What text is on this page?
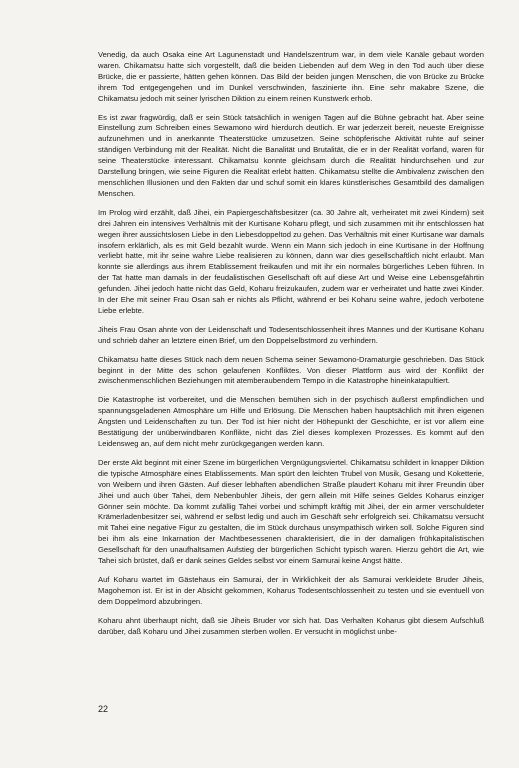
Venedig, da auch Osaka eine Art Lagunenstadt und Handelszentrum war, in dem viele Kanäle gebaut worden waren. Chikamatsu hatte sich vorgestellt, daß die beiden Liebenden auf dem Weg in den Tod auch über diese Brücke, die er passierte, hätten gehen können. Das Bild der beiden jungen Menschen, die von Brücke zu Brücke ihrem Tod entgegengehen und im Dunkel verschwinden, faszinierte ihn. Eine sehr makabre Szene, die Chikamatsu jedoch mit seiner lyrischen Diktion zu einem reinen Kunstwerk erhob.

Es ist zwar fragwürdig, daß er sein Stück tatsächlich in wenigen Tagen auf die Bühne gebracht hat. Aber seine Einstellung zum Schreiben eines Sewamono wird hierdurch deutlich. Er war jederzeit bereit, neueste Ereignisse aufzunehmen und in anerkannte Theaterstücke umzusetzen. Seine schöpferische Aktivität ruhte auf seiner ständigen Verbindung mit der Realität. Nicht die Banalität und Brutalität, die er in der Realität vorfand, waren für seine Theaterstücke interessant. Chikamatsu konnte gleichsam durch die Realität hindurchsehen und zur Darstellung bringen, wie seine Figuren die Realität erlebt hatten. Chikamatsu stellte die Ambivalenz zwischen den menschlichen Illusionen und den Fakten dar und schuf somit ein klares künstlerisches Gesamtbild des damaligen Menschen.

Im Prolog wird erzählt, daß Jihei, ein Papiergeschäftsbesitzer (ca. 30 Jahre alt, verheiratet mit zwei Kindern) seit drei Jahren ein intensives Verhältnis mit der Kurtisane Koharu pflegt, und sich zusammen mit ihr entschlossen hat wegen ihrer aussichtslosen Liebe in den Liebesdoppeltod zu gehen. Das Verhältnis mit einer Kurtisane war damals insofern erklärlich, als es mit Geld bezahlt wurde. Wenn ein Mann sich jedoch in eine Kurtisane in der Hoffnung verliebt hatte, mit ihr seine wahre Liebe realisieren zu können, dann war dies gesellschaftlich nicht erlaubt. Man konnte sie allerdings aus ihrem Etablissement freikaufen und mit ihr ein normales bürgerliches Leben führen. In der Tat hatte man damals in der feudalistischen Gesellschaft oft auf diese Art und Weise eine Lebensgefährtin gefunden. Jihei jedoch hatte nicht das Geld, Koharu freizukaufen, zudem war er verheiratet und hatte zwei Kinder. In der Ehe mit seiner Frau Osan sah er nichts als Pflicht, während er bei Koharu seine wahre, jedoch verbotene Liebe erlebte.

Jiheis Frau Osan ahnte von der Leidenschaft und Todesentschlossenheit ihres Mannes und der Kurtisane Koharu und schrieb daher an letztere einen Brief, um den Doppelselbstmord zu verhindern.

Chikamatsu hatte dieses Stück nach dem neuen Schema seiner Sewamono-Dramaturgie geschrieben. Das Stück beginnt in der Mitte des schon gelaufenen Konfliktes. Von dieser Plattform aus wird der Konflikt der zwischenmenschlichen Beziehungen mit atemberaubendem Tempo in die Katastrophe hineinkatapultiert.

Die Katastrophe ist vorbereitet, und die Menschen bemühen sich in der psychisch äußerst empfindlichen und spannungsgeladenen Atmosphäre um Hilfe und Erlösung. Die Menschen haben hauptsächlich mit ihren eigenen Ängsten und Leidenschaften zu tun. Der Tod ist hier nicht der Höhepunkt der Geschichte, er ist vor allem eine Bestätigung der unüberwindbaren Konflikte, nicht das Ziel dieses komplexen Prozesses. Es kommt auf den Leidensweg an, auf dem nicht mehr zurückgegangen werden kann.

Der erste Akt beginnt mit einer Szene im bürgerlichen Vergnügungsviertel. Chikamatsu schildert in knapper Diktion die typische Atmosphäre eines Etablissements. Man spürt den leichten Trubel von Musik, Gesang und Koketterie, von Weibern und ihren Gästen. Auf dieser lebhaften abendlichen Straße plaudert Koharu mit ihrer Freundin über Jihei und auch über Tahei, dem Nebenbuhler Jiheis, der gern allein mit Hilfe seines Geldes Koharus einziger Gönner sein möchte. Da kommt zufällig Tahei vorbei und schimpft kräftig mit Jihei, der ein armer verschuldeter Krämerladenbesitzer sei, während er selbst ledig und auch im Geschäft sehr erfolgreich sei. Chikamatsu versucht mit Tahei eine negative Figur zu gestalten, die im Stück durchaus unsympathisch wirken soll. Solche Figuren sind bei ihm als eine Inkarnation der Machtbesessenen charakterisiert, die in der damaligen frühkapitalistischen Gesellschaft für den unaufhaltsamen Aufstieg der bürgerlichen Schicht typisch waren. Hierzu gehört die Art, wie Tahei sich brüstet, daß er dank seines Geldes selbst vor einem Samurai keine Angst hätte.

Auf Koharu wartet im Gästehaus ein Samurai, der in Wirklichkeit der als Samurai verkleidete Bruder Jiheis, Magohemon ist. Er ist in der Absicht gekommen, Koharus Todesentschlossenheit zu testen und sie eventuell von dem Doppelmord abzubringen.

Koharu ahnt überhaupt nicht, daß sie Jiheis Bruder vor sich hat. Das Verhalten Koharus gibt diesem Aufschluß darüber, daß Koharu und Jihei zusammen sterben wollen. Er versucht in möglichst unbe-

22
